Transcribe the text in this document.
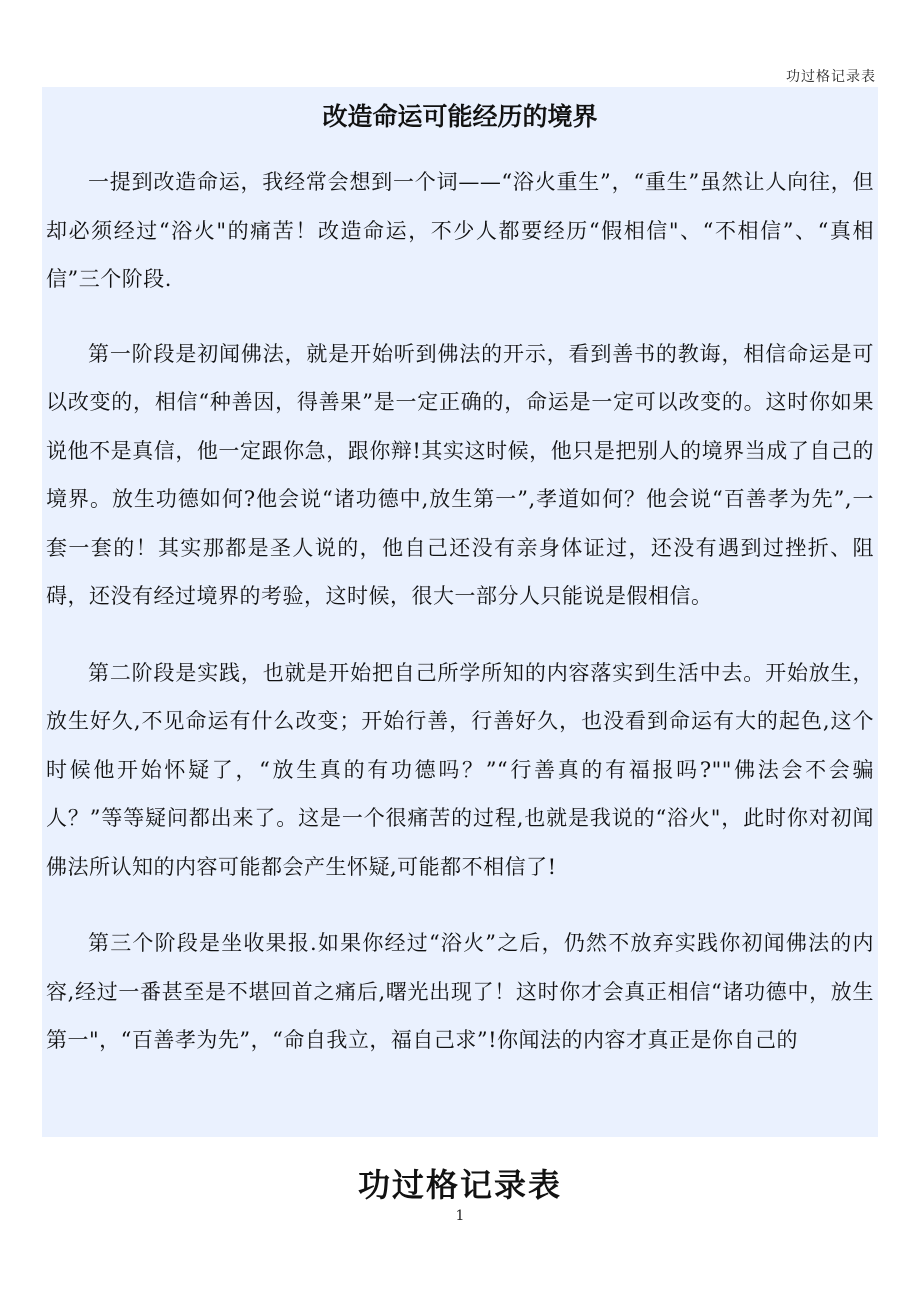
功过格记录表
改造命运可能经历的境界

一提到改造命运，我经常会想到一个词——“浴火重生”，“重生”虽然让人向往，但却必须经过“浴火"的痛苦！改造命运，不少人都要经历“假相信"、“不相信”、“真相信”三个阶段.

第一阶段是初闻佛法，就是开始听到佛法的开示，看到善书的教诲，相信命运是可以改变的，相信“种善因，得善果”是一定正确的，命运是一定可以改变的。这时你如果说他不是真信，他一定跟你急，跟你辩!其实这时候，他只是把别人的境界当成了自己的境界。放生功德如何?他会说“诸功德中,放生第一”,孝道如何？他会说“百善孝为先”,一套一套的！其实那都是圣人说的，他自己还没有亲身体证过，还没有遇到过挫折、阻碍，还没有经过境界的考验，这时候，很大一部分人只能说是假相信。

第二阶段是实践，也就是开始把自己所学所知的内容落实到生活中去。开始放生，放生好久,不见命运有什么改变；开始行善，行善好久，也没看到命运有大的起色,这个时候他开始怀疑了，“放生真的有功德吗？”“行善真的有福报吗?""佛法会不会骗人？”等等疑问都出来了。这是一个很痛苦的过程,也就是我说的“浴火"，此时你对初闻佛法所认知的内容可能都会产生怀疑,可能都不相信了!

第三个阶段是坐收果报.如果你经过“浴火”之后，仍然不放弃实践你初闻佛法的内容,经过一番甚至是不堪回首之痛后,曙光出现了！这时你才会真正相信“诸功德中，放生第一"，“百善孝为先”，“命自我立，福自己求”!你闻法的内容才真正是你自己的

功过格记录表
1
